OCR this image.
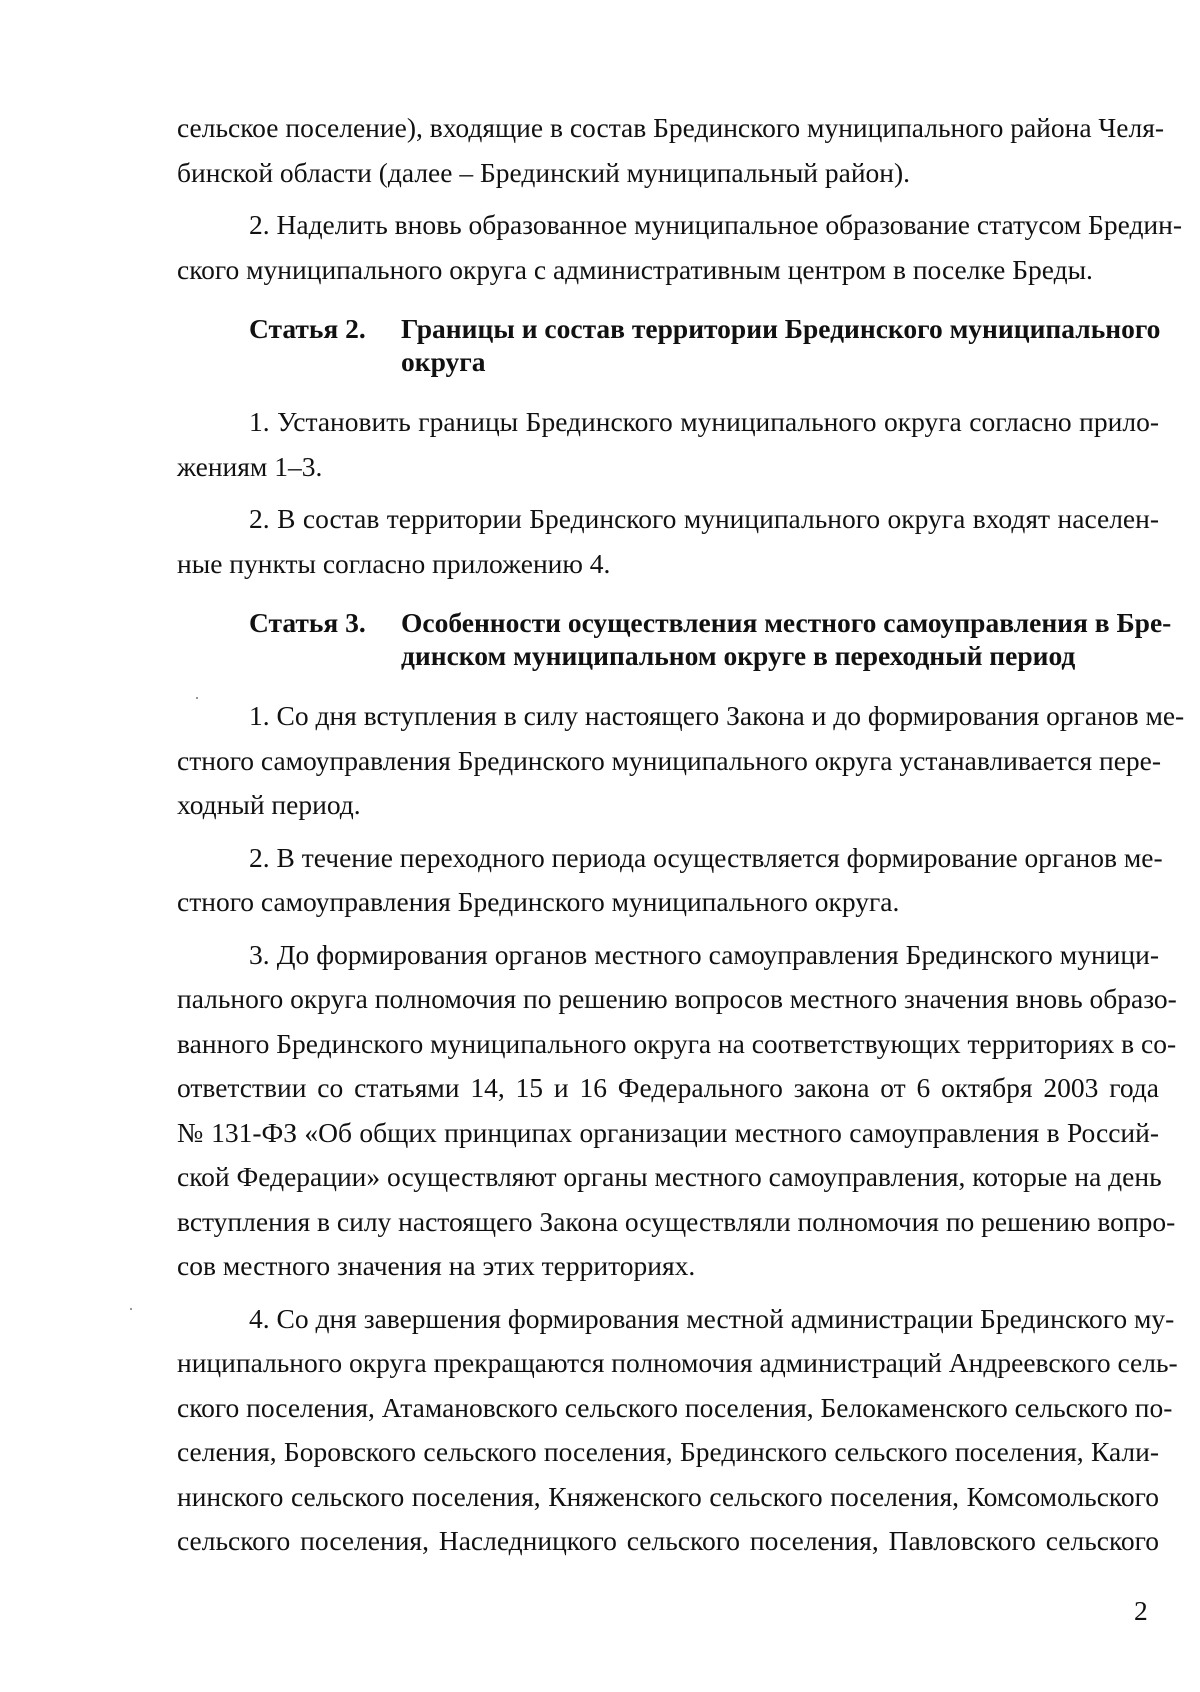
сельское поселение), входящие в состав Брединского муниципального района Челя-
бинской области (далее – Брединский муниципальный район).
2. Наделить вновь образованное муниципальное образование статусом Бредин-
ского муниципального округа с административным центром в поселке Бреды.
Статья 2. Границы и состав территории Брединского муниципального
округа
1. Установить границы Брединского муниципального округа согласно прило-
жениям 1–3.
2. В состав территории Брединского муниципального округа входят населен-
ные пункты согласно приложению 4.
Статья 3. Особенности осуществления местного самоуправления в Бре-
динском муниципальном округе в переходный период
1. Со дня вступления в силу настоящего Закона и до формирования органов ме-
стного самоуправления Брединского муниципального округа устанавливается пере-
ходный период.
2. В течение переходного периода осуществляется формирование органов ме-
стного самоуправления Брединского муниципального округа.
3. До формирования органов местного самоуправления Брединского муници-
пального округа полномочия по решению вопросов местного значения вновь образо-
ванного Брединского муниципального округа на соответствующих территориях в со-
ответствии со статьями 14, 15 и 16 Федерального закона от 6 октября 2003 года
№ 131-ФЗ «Об общих принципах организации местного самоуправления в Россий-
ской Федерации» осуществляют органы местного самоуправления, которые на день
вступления в силу настоящего Закона осуществляли полномочия по решению вопро-
сов местного значения на этих территориях.
4. Со дня завершения формирования местной администрации Брединского му-
ниципального округа прекращаются полномочия администраций Андреевского сель-
ского поселения, Атамановского сельского поселения, Белокаменского сельского по-
селения, Боровского сельского поселения, Брединского сельского поселения, Кали-
нинского сельского поселения, Княженского сельского поселения, Комсомольского
сельского поселения, Наследницкого сельского поселения, Павловского сельского
2
